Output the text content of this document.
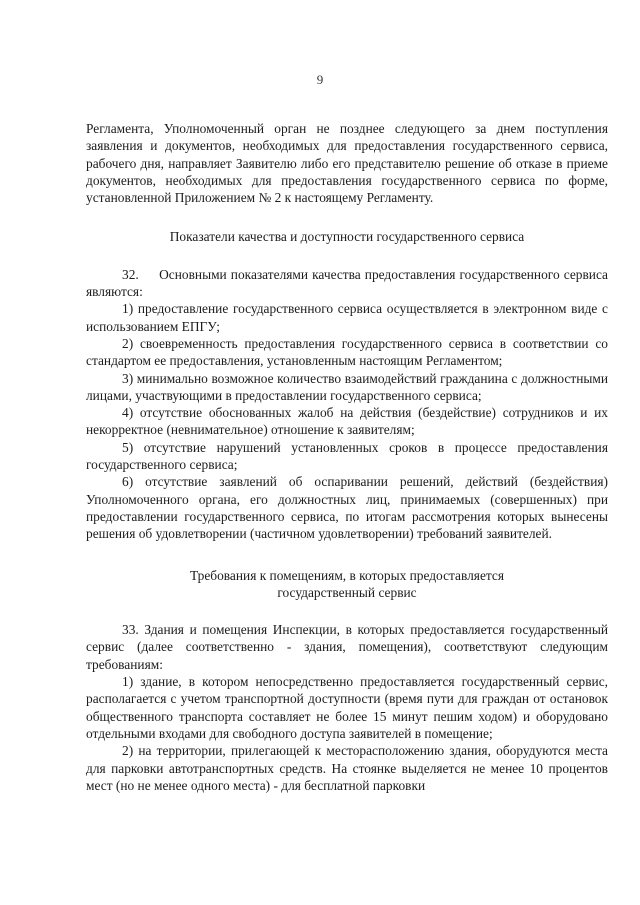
9

Регламента, Уполномоченный орган не позднее следующего за днем поступления заявления и документов, необходимых для предоставления государственного сервиса, рабочего дня, направляет Заявителю либо его представителю решение об отказе в приеме документов, необходимых для предоставления государственного сервиса по форме, установленной Приложением № 2 к настоящему Регламенту.

Показатели качества и доступности государственного сервиса

32.     Основными показателями качества предоставления государственного сервиса являются:

1) предоставление государственного сервиса осуществляется в электронном виде с использованием ЕПГУ;

2) своевременность предоставления государственного сервиса в соответствии со стандартом ее предоставления, установленным настоящим Регламентом;

3) минимально возможное количество взаимодействий гражданина с должностными лицами, участвующими в предоставлении государственного сервиса;

4) отсутствие обоснованных жалоб на действия (бездействие) сотрудников и их некорректное (невнимательное) отношение к заявителям;

5) отсутствие нарушений установленных сроков в процессе предоставления государственного сервиса;

6) отсутствие заявлений об оспаривании решений, действий (бездействия) Уполномоченного органа, его должностных лиц, принимаемых (совершенных) при предоставлении государственного сервиса, по итогам рассмотрения которых вынесены решения об удовлетворении (частичном удовлетворении) требований заявителей.

Требования к помещениям, в которых предоставляется
государственный сервис

33. Здания и помещения Инспекции, в которых предоставляется государственный сервис (далее соответственно - здания, помещения), соответствуют следующим требованиям:

1) здание, в котором непосредственно предоставляется государственный сервис, располагается с учетом транспортной доступности (время пути для граждан от остановок общественного транспорта составляет не более 15 минут пешим ходом) и оборудовано отдельными входами для свободного доступа заявителей в помещение;

2) на территории, прилегающей к месторасположению здания, оборудуются места для парковки автотранспортных средств. На стоянке выделяется не менее 10 процентов мест (но не менее одного места) - для бесплатной парковки
